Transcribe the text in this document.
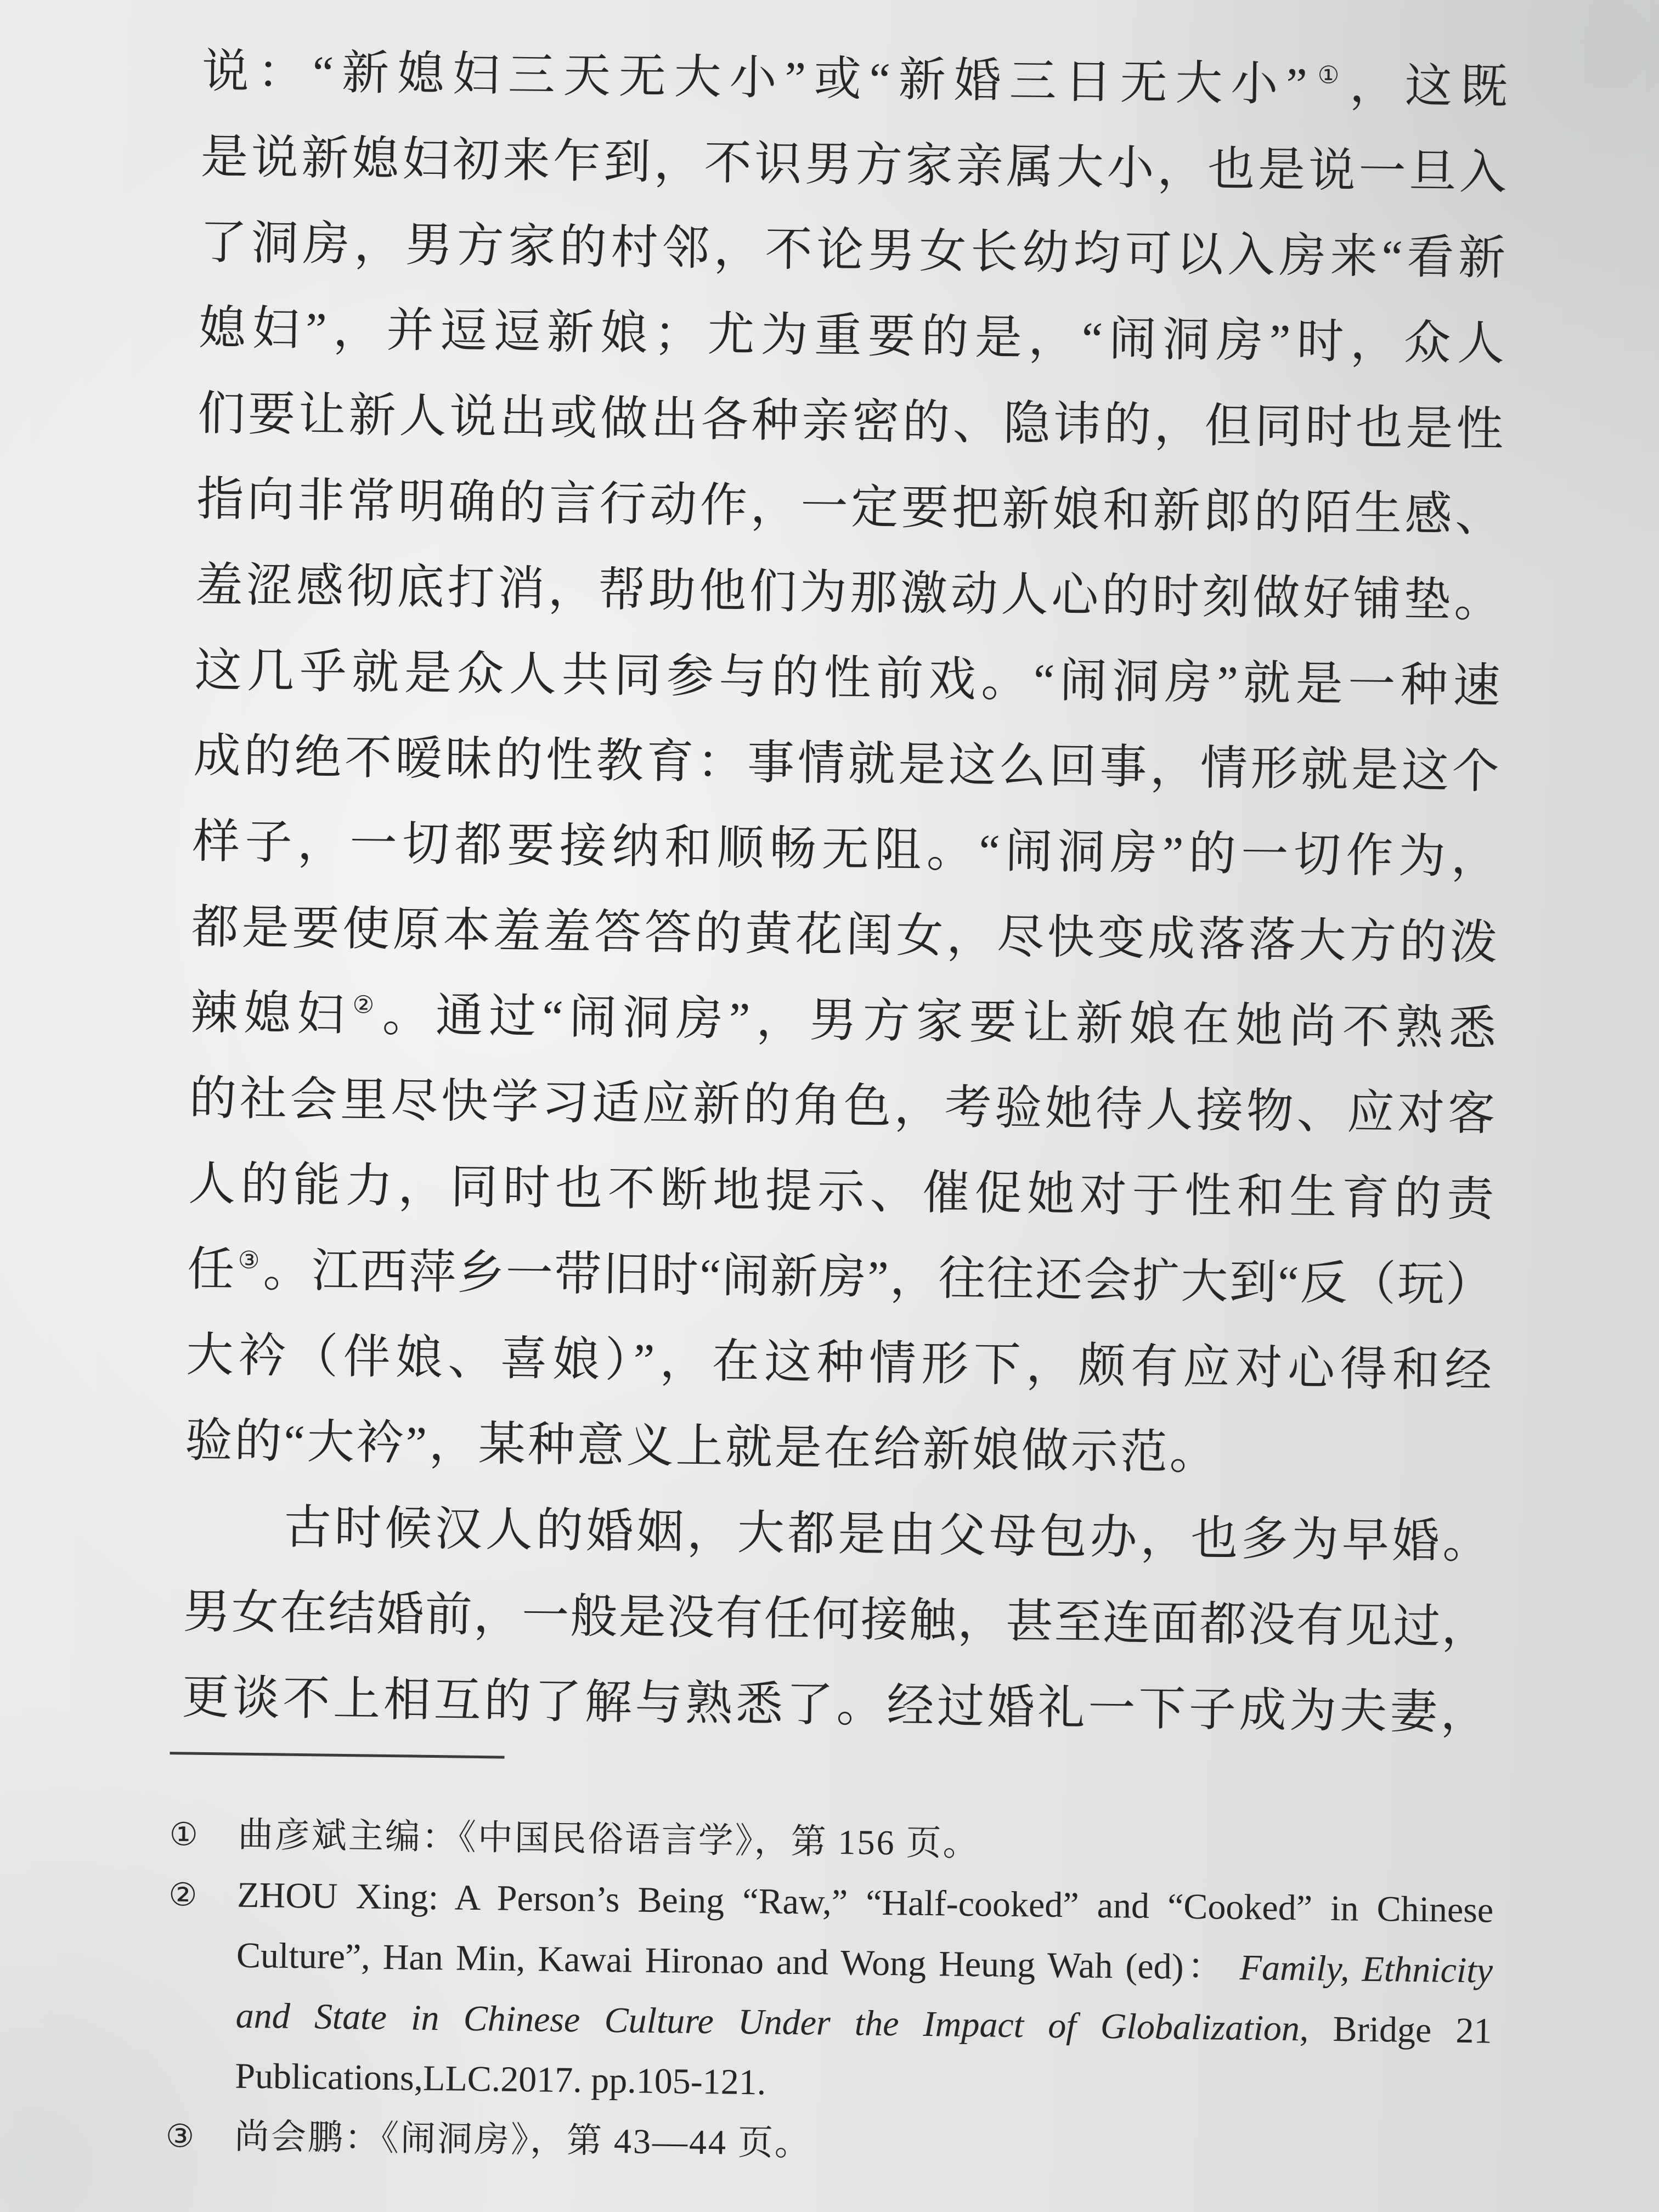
说：“新媳妇三天无大小”或“新婚三日无大小”①，这既
是说新媳妇初来乍到，不识男方家亲属大小，也是说一旦入
了洞房，男方家的村邻，不论男女长幼均可以入房来“看新
媳妇”，并逗逗新娘；尤为重要的是，“闹洞房”时，众人
们要让新人说出或做出各种亲密的、隐讳的，但同时也是性
指向非常明确的言行动作，一定要把新娘和新郎的陌生感、
羞涩感彻底打消，帮助他们为那激动人心的时刻做好铺垫。
这几乎就是众人共同参与的性前戏。“闹洞房”就是一种速
成的绝不暧昧的性教育：事情就是这么回事，情形就是这个
样子，一切都要接纳和顺畅无阻。“闹洞房”的一切作为，
都是要使原本羞羞答答的黄花闺女，尽快变成落落大方的泼
辣媳妇②。通过“闹洞房”，男方家要让新娘在她尚不熟悉
的社会里尽快学习适应新的角色，考验她待人接物、应对客
人的能力，同时也不断地提示、催促她对于性和生育的责
任③。江西萍乡一带旧时“闹新房”，往往还会扩大到“反（玩）
大衿（伴娘、喜娘）”，在这种情形下，颇有应对心得和经
验的“大衿”，某种意义上就是在给新娘做示范。
古时候汉人的婚姻，大都是由父母包办，也多为早婚。
男女在结婚前，一般是没有任何接触，甚至连面都没有见过，
更谈不上相互的了解与熟悉了。经过婚礼一下子成为夫妻，
① 曲彦斌主编：《中国民俗语言学》，第 156 页。
② ZHOU Xing: A Person’s Being “Raw,” “Half-cooked” and “Cooked” in Chinese
Culture”, Han Min, Kawai Hironao and Wong Heung Wah (ed)： Family, Ethnicity
and State in Chinese Culture Under the Impact of Globalization, Bridge 21
Publications,LLC.2017. pp.105-121.
③ 尚会鹏：《闹洞房》，第 43—44 页。
